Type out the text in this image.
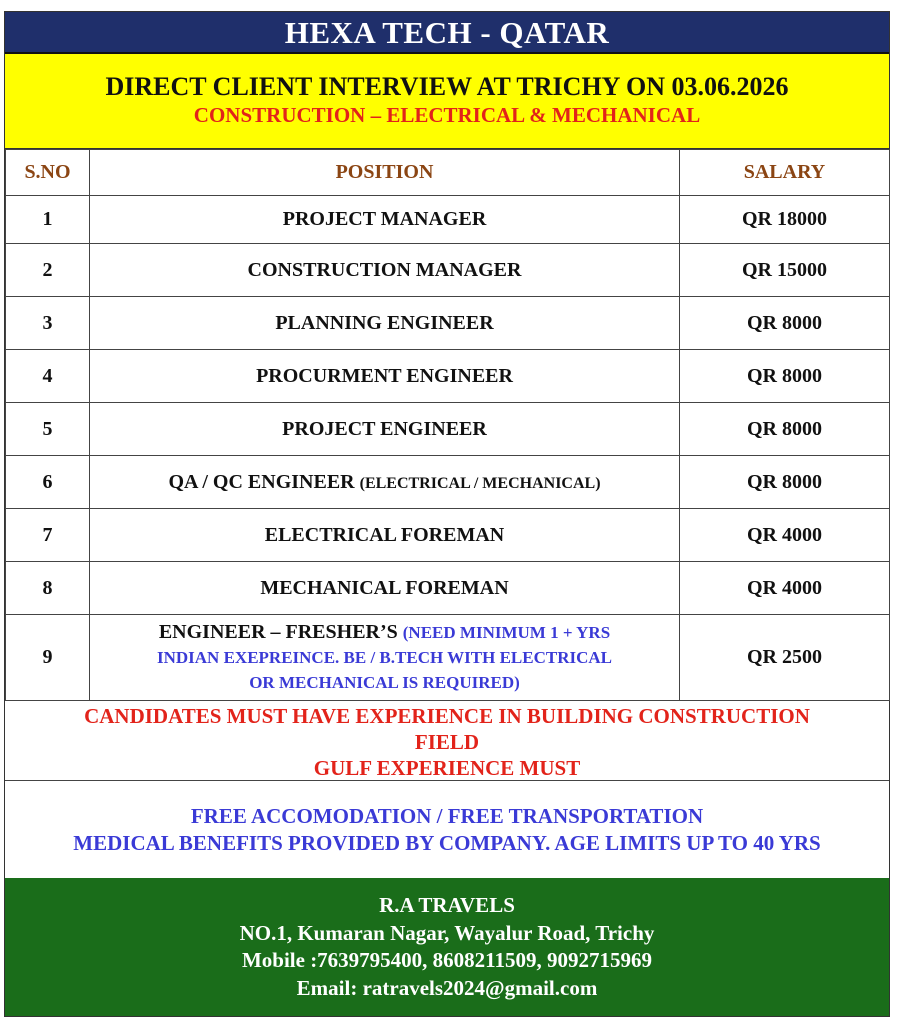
HEXA TECH - QATAR
DIRECT CLIENT INTERVIEW AT TRICHY ON 03.06.2026
CONSTRUCTION – ELECTRICAL & MECHANICAL
S.NO	POSITION	SALARY
1	PROJECT MANAGER	QR 18000
2	CONSTRUCTION MANAGER	QR 15000
3	PLANNING ENGINEER	QR 8000
4	PROCURMENT ENGINEER	QR 8000
5	PROJECT ENGINEER	QR 8000
6	QA / QC ENGINEER (ELECTRICAL / MECHANICAL)	QR 8000
7	ELECTRICAL FOREMAN	QR 4000
8	MECHANICAL FOREMAN	QR 4000
9	ENGINEER – FRESHER’S (NEED MINIMUM 1 + YRS
INDIAN EXEPREINCE. BE / B.TECH WITH ELECTRICAL
OR MECHANICAL IS REQUIRED)	QR 2500
CANDIDATES MUST HAVE EXPERIENCE IN BUILDING CONSTRUCTION
FIELD
GULF EXPERIENCE MUST
FREE ACCOMODATION / FREE TRANSPORTATION
MEDICAL BENEFITS PROVIDED BY COMPANY. AGE LIMITS UP TO 40 YRS
R.A TRAVELS
NO.1, Kumaran Nagar, Wayalur Road, Trichy
Mobile :7639795400, 8608211509, 9092715969
Email: ratravels2024@gmail.com
